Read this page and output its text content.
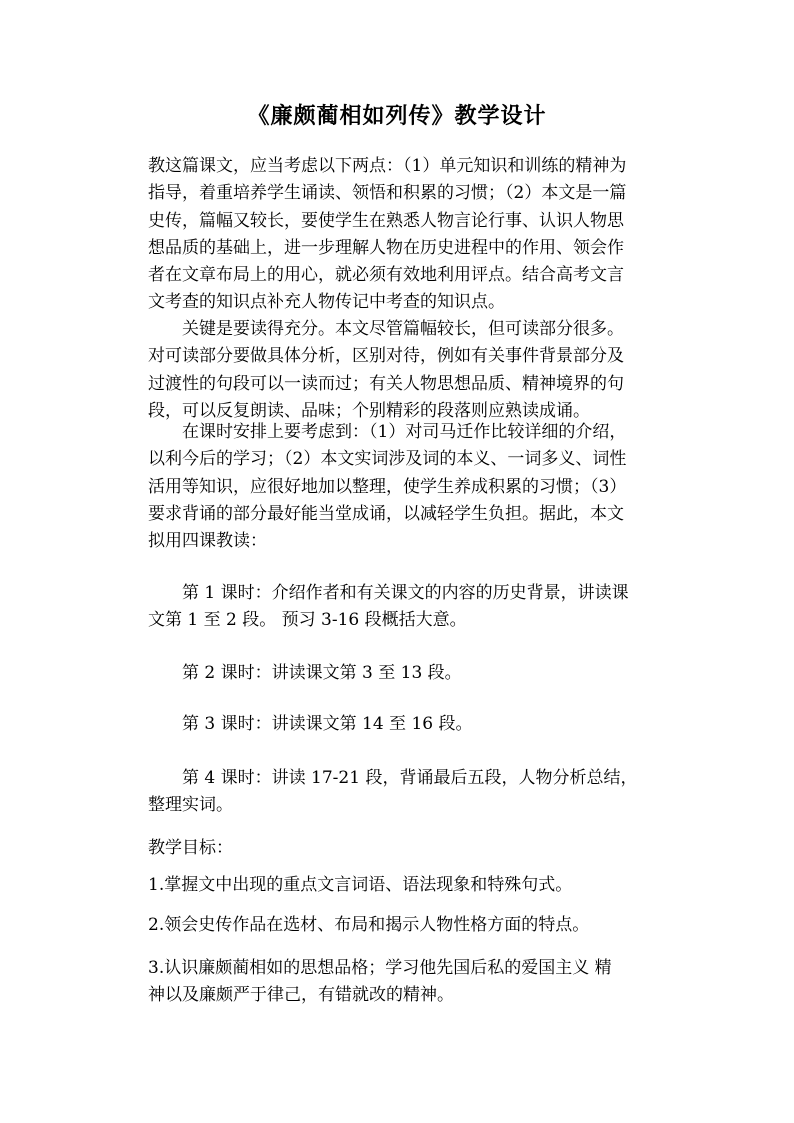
《廉颇蔺相如列传》教学设计
教这篇课文，应当考虑以下两点：（1）单元知识和训练的精神为
指导，着重培养学生诵读、领悟和积累的习惯；（2）本文是一篇
史传，篇幅又较长，要使学生在熟悉人物言论行事、认识人物思
想品质的基础上，进一步理解人物在历史进程中的作用、领会作
者在文章布局上的用心，就必须有效地利用评点。结合高考文言
文考查的知识点补充人物传记中考查的知识点。
　　关键是要读得充分。本文尽管篇幅较长，但可读部分很多。
对可读部分要做具体分析，区别对待，例如有关事件背景部分及
过渡性的句段可以一读而过；有关人物思想品质、精神境界的句
段，可以反复朗读、品味；个别精彩的段落则应熟读成诵。
　　在课时安排上要考虑到：（1）对司马迁作比较详细的介绍，
以利今后的学习；（2）本文实词涉及词的本义、一词多义、词性
活用等知识，应很好地加以整理，使学生养成积累的习惯；（3）
要求背诵的部分最好能当堂成诵，以减轻学生负担。据此，本文
拟用四课教读：
　　第 1 课时：介绍作者和有关课文的内容的历史背景，讲读课
文第 1 至 2 段。 预习 3-16 段概括大意。
　　第 2 课时：讲读课文第 3 至 13 段。
　　第 3 课时：讲读课文第 14 至 16 段。
　　第 4 课时：讲读 17-21 段，背诵最后五段，人物分析总结，
整理实词。
教学目标：
1.掌握文中出现的重点文言词语、语法现象和特殊句式。
2.领会史传作品在选材、布局和揭示人物性格方面的特点。
3.认识廉颇蔺相如的思想品格；学习他先国后私的爱国主义 精
神以及廉颇严于律己，有错就改的精神。
